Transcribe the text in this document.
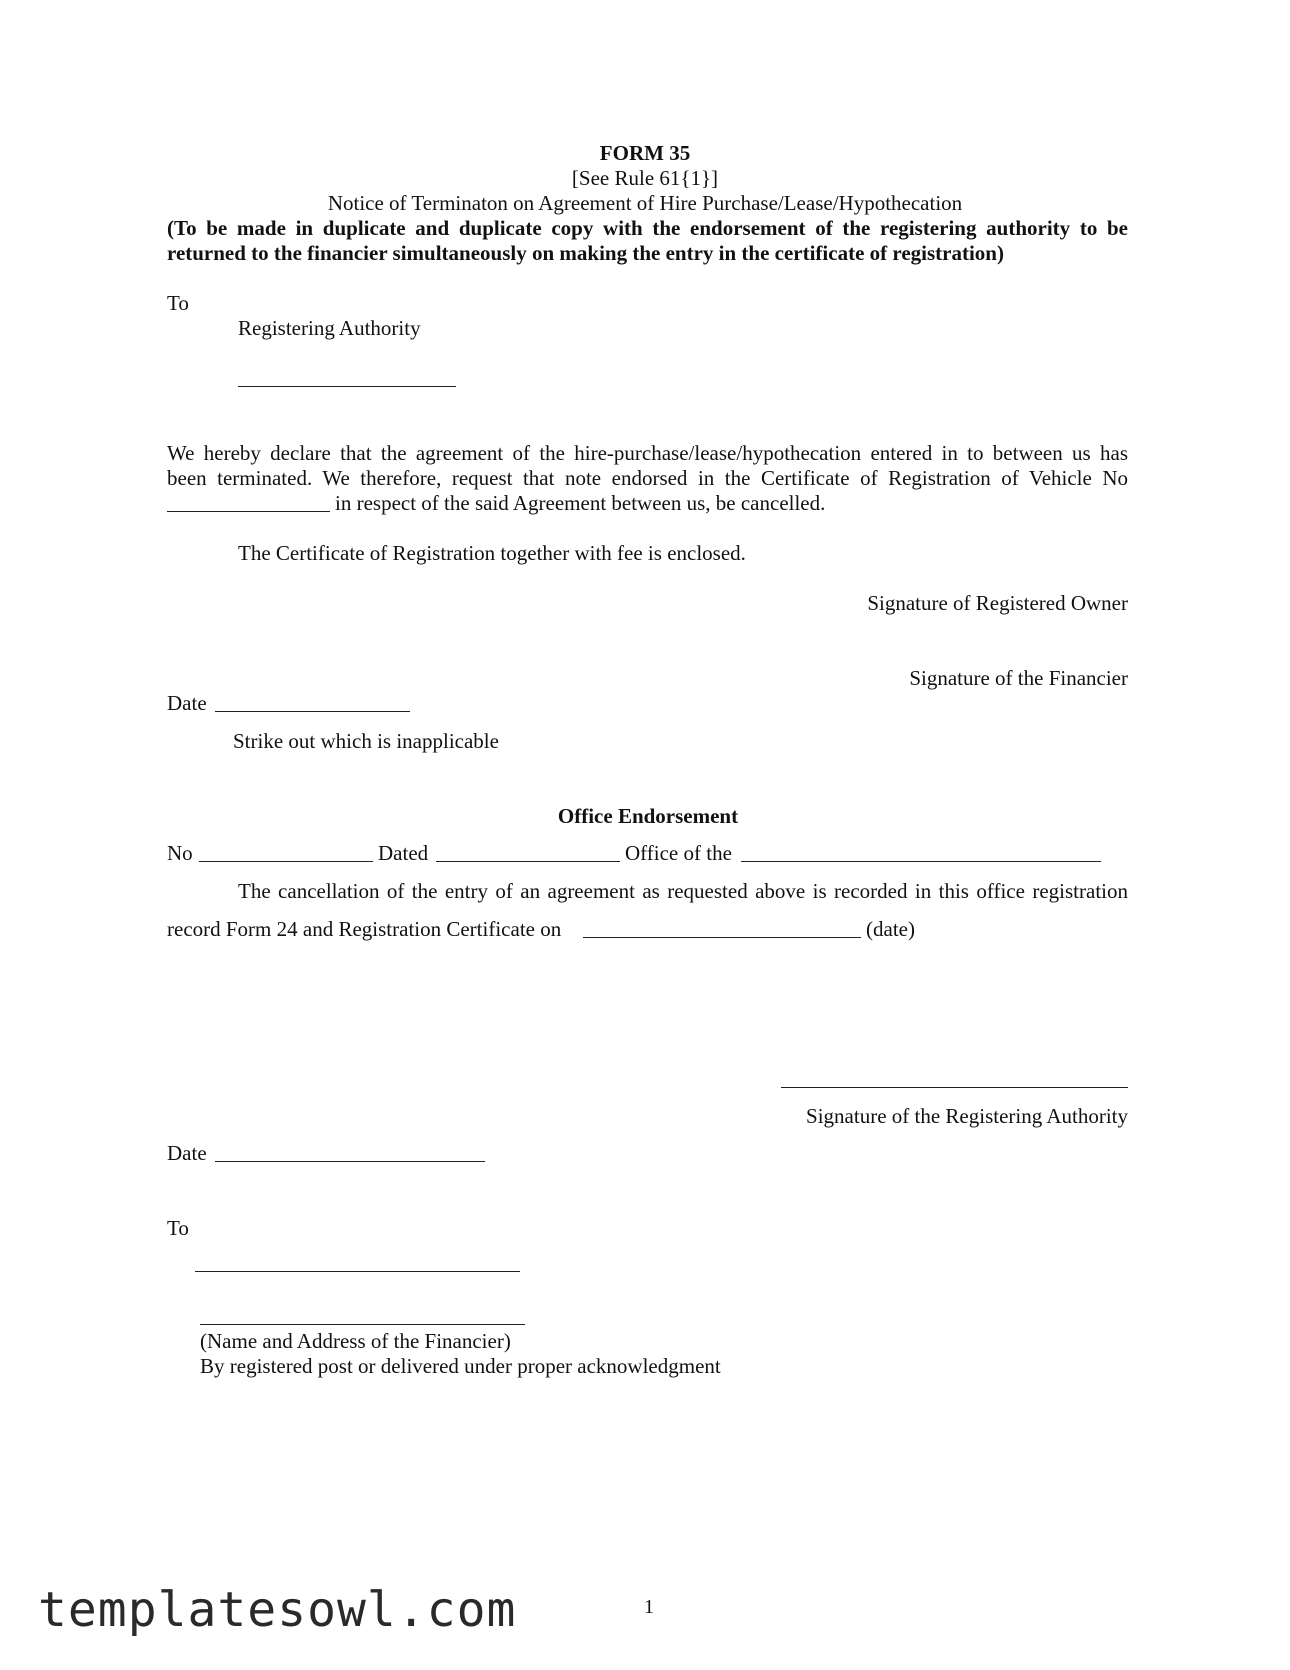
FORM 35
[See Rule 61{1}]
Notice of Terminaton on Agreement of Hire Purchase/Lease/Hypothecation
(To be made in duplicate and duplicate copy with the endorsement of the registering authority to be
returned to the financier simultaneously on making the entry in the certificate of registration)
To
Registering Authority
We hereby declare that the agreement of the hire-purchase/lease/hypothecation entered in to between us has
been terminated. We therefore, request that note endorsed in the Certificate of Registration of Vehicle No
in respect of the said Agreement between us, be cancelled.
The Certificate of Registration together with fee is enclosed.
Signature of Registered Owner
Signature of the Financier
Date
Strike out which is inapplicable
Office Endorsement
No	Dated	Office of the
The cancellation of the entry of an agreement as requested above is recorded in this office registration
record Form 24 and Registration Certificate on	(date)
Signature of the Registering Authority
Date
To
(Name and Address of the Financier)
By registered post or delivered under proper acknowledgment
templatesowl.com	1
